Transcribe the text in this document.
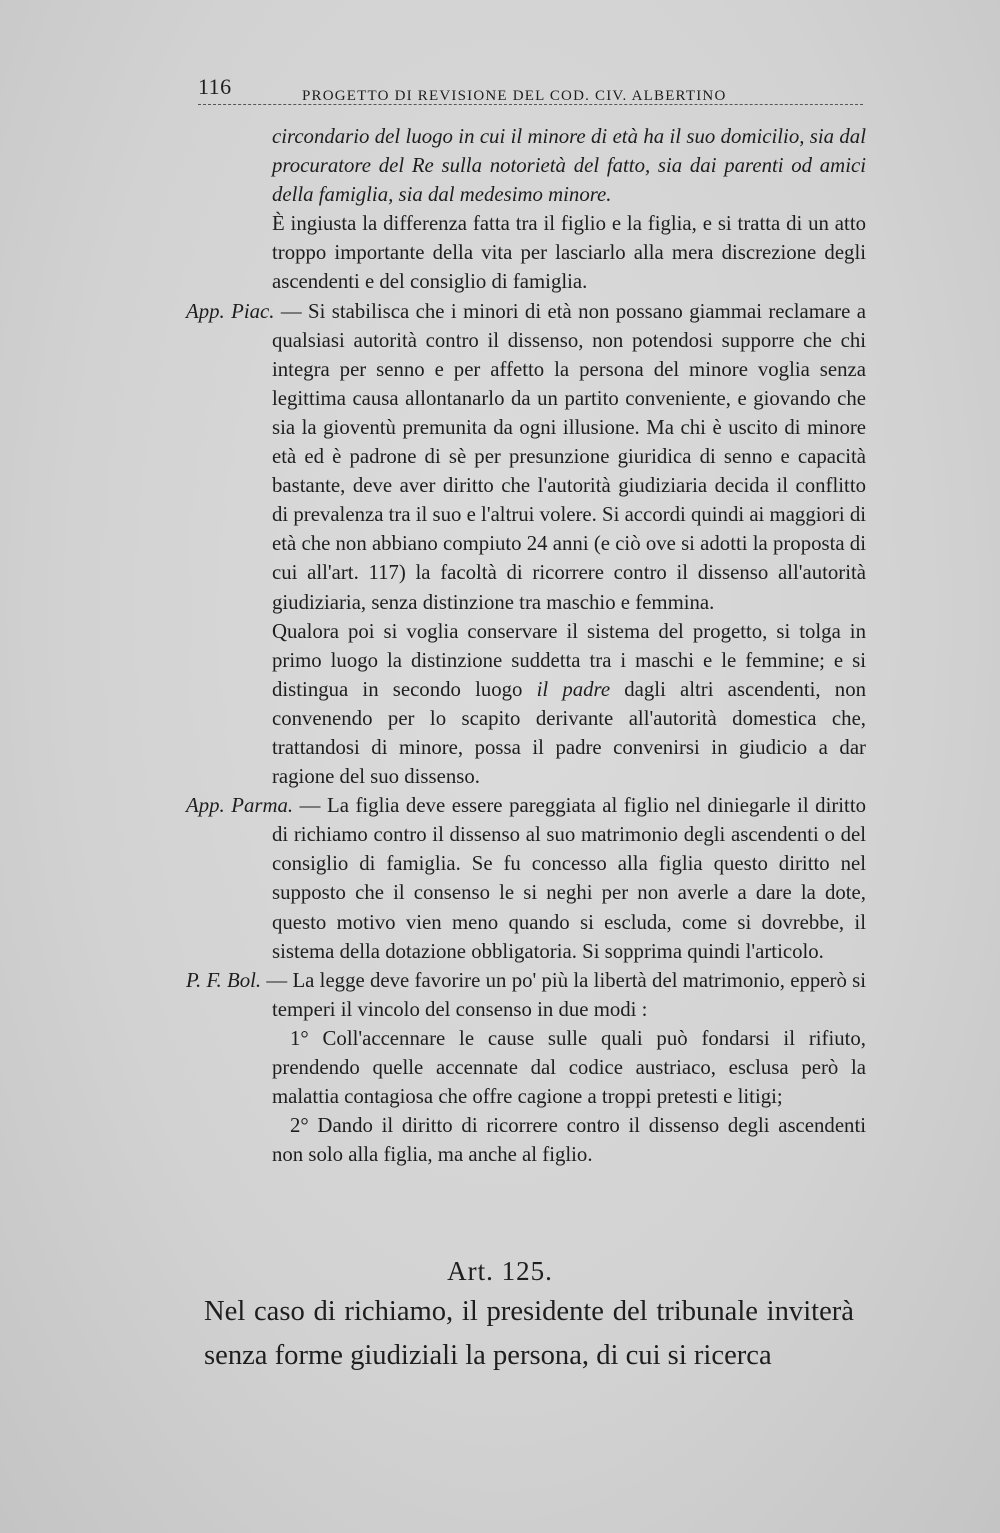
116	PROGETTO DI REVISIONE DEL COD. CIV. ALBERTINO

circondario del luogo in cui il minore di età ha il suo domicilio, sia dal procuratore del Re sulla notorietà del fatto, sia dai parenti od amici della famiglia, sia dal medesimo minore.

È ingiusta la differenza fatta tra il figlio e la figlia, e si tratta di un atto troppo importante della vita per lasciarlo alla mera discrezione degli ascendenti e del consiglio di famiglia.

App. Piac. — Si stabilisca che i minori di età non possano giammai reclamare a qualsiasi autorità contro il dissenso, non potendosi supporre che chi integra per senno e per affetto la persona del minore voglia senza legittima causa allontanarlo da un partito conveniente, e giovando che sia la gioventù premunita da ogni illusione. Ma chi è uscito di minore età ed è padrone di sè per presunzione giuridica di senno e capacità bastante, deve aver diritto che l'autorità giudiziaria decida il conflitto di prevalenza tra il suo e l'altrui volere. Si accordi quindi ai maggiori di età che non abbiano compiuto 24 anni (e ciò ove si adotti la proposta di cui all'art. 117) la facoltà di ricorrere contro il dissenso all'autorità giudiziaria, senza distinzione tra maschio e femmina.

Qualora poi si voglia conservare il sistema del progetto, si tolga in primo luogo la distinzione suddetta tra i maschi e le femmine; e si distingua in secondo luogo il padre dagli altri ascendenti, non convenendo per lo scapito derivante all'autorità domestica che, trattandosi di minore, possa il padre convenirsi in giudicio a dar ragione del suo dissenso.

App. Parma. — La figlia deve essere pareggiata al figlio nel diniegarle il diritto di richiamo contro il dissenso al suo matrimonio degli ascendenti o del consiglio di famiglia. Se fu concesso alla figlia questo diritto nel supposto che il consenso le si neghi per non averle a dare la dote, questo motivo vien meno quando si escluda, come si dovrebbe, il sistema della dotazione obbligatoria. Si sopprima quindi l'articolo.

P. F. Bol. — La legge deve favorire un po' più la libertà del matrimonio, epperò si temperi il vincolo del consenso in due modi :

1° Coll'accennare le cause sulle quali può fondarsi il rifiuto, prendendo quelle accennate dal codice austriaco, esclusa però la malattia contagiosa che offre cagione a troppi pretesti e litigi;

2° Dando il diritto di ricorrere contro il dissenso degli ascendenti non solo alla figlia, ma anche al figlio.

Art. 125.
Nel caso di richiamo, il presidente del tribunale inviterà senza forme giudiziali la persona, di cui si ricerca
